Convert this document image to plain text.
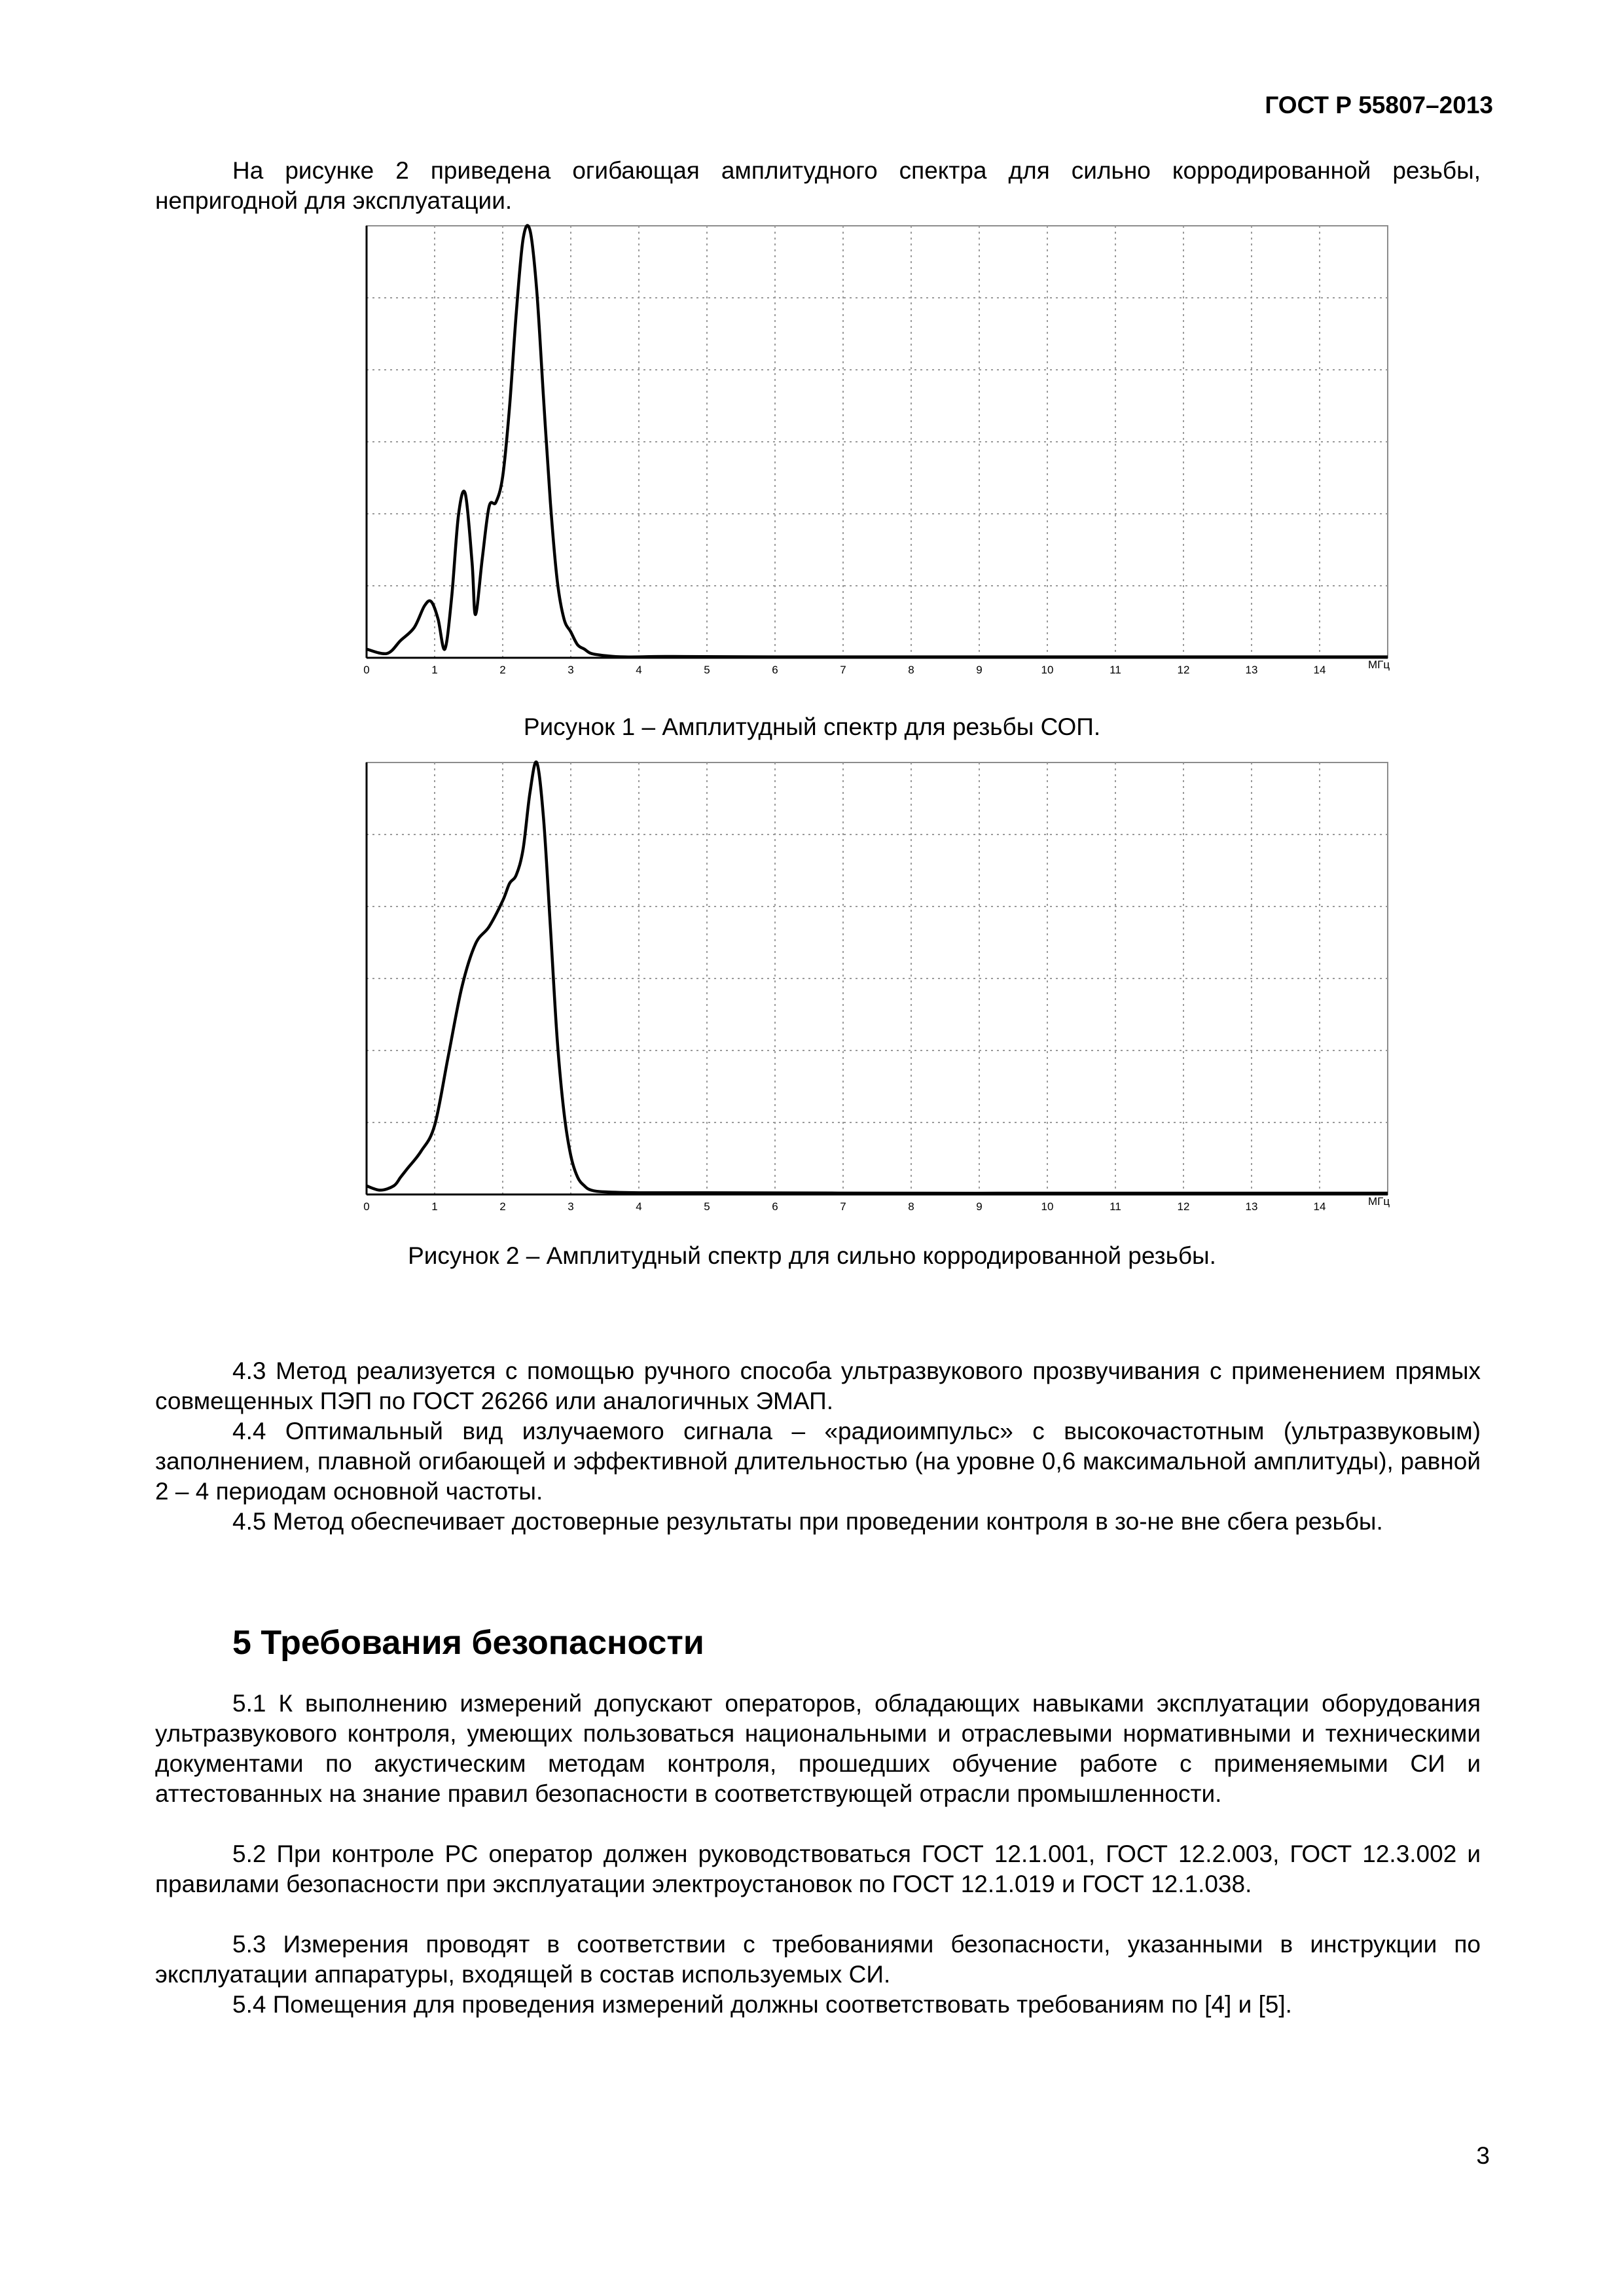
ГОСТ Р 55807–2013
На рисунке 2 приведена огибающая амплитудного спектра для сильно корродированной резьбы, непригодной для эксплуатации.
0	1	2	3	4	5	6	7	8	9	10	11	12	13	14	МГц
Рисунок 1 – Амплитудный спектр для резьбы СОП.
0	1	2	3	4	5	6	7	8	9	10	11	12	13	14	МГц
Рисунок 2 – Амплитудный спектр для сильно корродированной резьбы.
4.3 Метод реализуется с помощью ручного способа ультразвукового прозвучивания с применением прямых совмещенных ПЭП по ГОСТ 26266 или аналогичных ЭМАП.
4.4 Оптимальный вид излучаемого сигнала – «радиоимпульс» с высокочастотным (ультразвуковым) заполнением, плавной огибающей и эффективной длительностью (на уровне 0,6 максимальной амплитуды), равной 2 – 4 периодам основной частоты.
4.5 Метод обеспечивает достоверные результаты при проведении контроля в зо-не вне сбега резьбы.
5 Требования безопасности
5.1 К выполнению измерений допускают операторов, обладающих навыками эксплуатации оборудования ультразвукового контроля, умеющих пользоваться национальными и отраслевыми нормативными и техническими документами по акустическим методам контроля, прошедших обучение работе с применяемыми СИ и аттестованных на знание правил безопасности в соответствующей отрасли промышленности.
5.2 При контроле РС оператор должен руководствоваться ГОСТ 12.1.001, ГОСТ 12.2.003, ГОСТ 12.3.002 и правилами безопасности при эксплуатации электроустановок по ГОСТ 12.1.019 и ГОСТ 12.1.038.
5.3 Измерения проводят в соответствии с требованиями безопасности, указанными в инструкции по эксплуатации аппаратуры, входящей в состав используемых СИ.
5.4 Помещения для проведения измерений должны соответствовать требованиям по [4] и [5].
3
